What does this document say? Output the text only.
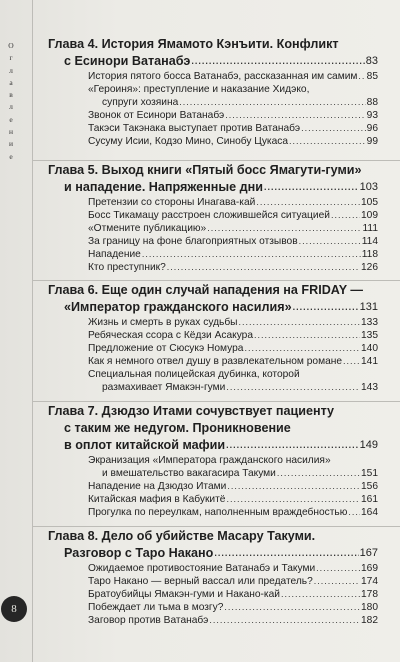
О
г
л
а
в
л
е
н
и
е
Глава 4. История Ямамото Кэнъити. Конфликт
с Есинори Ватанабэ .....	83
История пятого босса Ватанабэ, рассказанная им самим ..... 85
«Героиня»: преступление и наказание Хидэко,
супруги хозяина .....	88
Звонок от Есинори Ватанабэ .....	93
Такэси Такэнака выступает против Ватанабэ .....	96
Сусуму Исии, Кодзо Мино, Синобу Цукаса .....	99
Глава 5. Выход книги «Пятый босс Ямагути-гуми»
и нападение. Напряженные дни .....	103
Претензии со стороны Инагава-кай .....	105
Босс Тикамацу расстроен сложившейся ситуацией .....	109
«Отмените публикацию» .....	111
За границу на фоне благоприятных отзывов .....	114
Нападение .....	118
Кто преступник? .....	126
Глава 6. Еще один случай нападения на FRIDAY —
«Император гражданского насилия» .....	131
Жизнь и смерть в руках судьбы .....	133
Ребяческая ссора с Кёдзи Асакура .....	135
Предложение от Сюсукэ Номура .....	140
Как я немного отвел душу в развлекательном романе ..... 141
Специальная полицейская дубинка, которой
размахивает Ямакэн-гуми .....	143
Глава 7. Дзюдзо Итами сочувствует пациенту
с таким же недугом. Проникновение
в оплот китайской мафии .....	149
Экранизация «Императора гражданского насилия»
и вмешательство вакагасира Такуми .....	151
Нападение на Дзюдзо Итами .....	156
Китайская мафия в Кабукитё .....	161
Прогулка по переулкам, наполненным враждебностью ..... 164
Глава 8. Дело об убийстве Масару Такуми.
Разговор с Таро Накано .....	167
Ожидаемое противостояние Ватанабэ и Такуми .....	169
Таро Накано — верный вассал или предатель? .....	174
Братоубийцы Ямакэн-гуми и Накано-кай .....	178
Побеждает ли тьма в мозгу? .....	180
Заговор против Ватанабэ .....	182
8
